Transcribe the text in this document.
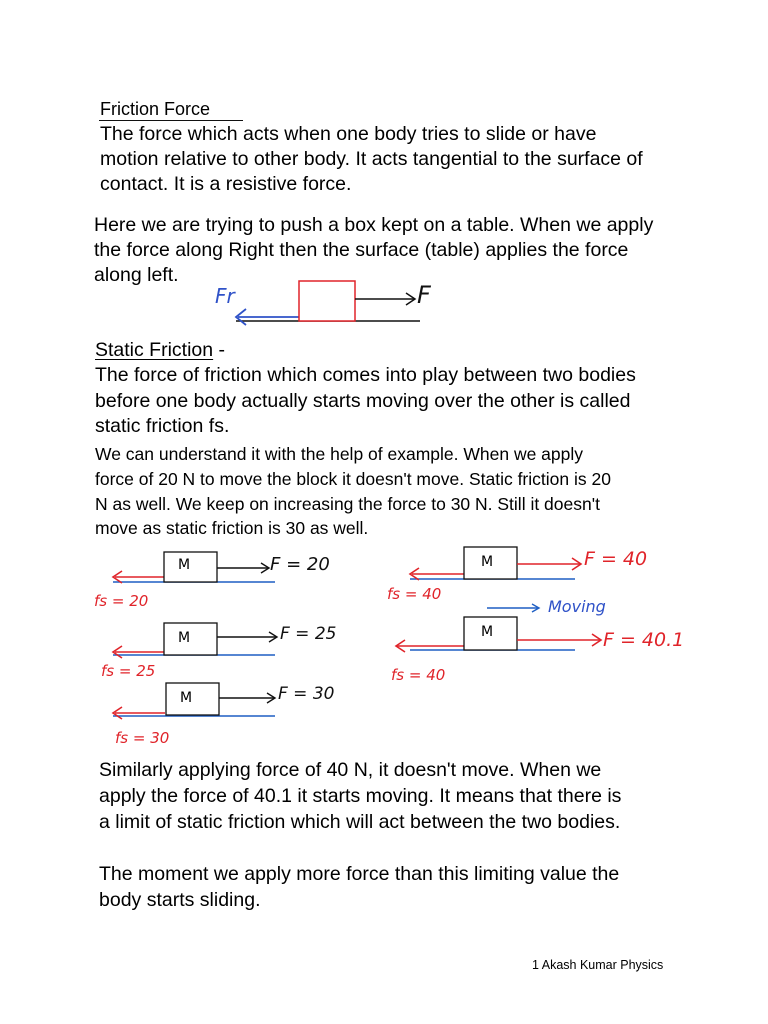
Friction Force

The force which acts when one body tries to slide or have

motion relative to other body. It acts tangential to the surface of

contact. It is a resistive force.

Here we are trying to push a box kept on a table. When we apply

the force along Right then the surface (table) applies the force

along left.

Fr	F

Static Friction -

The force of friction which comes into play between two bodies

before one body actually starts moving over the other is called

static friction fs.

We can understand it with the help of example. When we apply

force of 20 N to move the block it doesn't move. Static friction is 20

N as well. We keep on increasing the force to 30 N. Still it doesn't

move as static friction is 30 as well.

M
M
M
M
M
F = 20
F = 25
F = 30
fs = 20
fs = 25
fs = 30
F = 40
fs = 40
Moving
F = 40.1
fs = 40

Similarly applying force of 40 N, it doesn't move. When we

apply the force of 40.1 it starts moving. It means that there is

a limit of static friction which will act between the two bodies.

The moment we apply more force than this limiting value the

body starts sliding.

1 Akash Kumar Physics
